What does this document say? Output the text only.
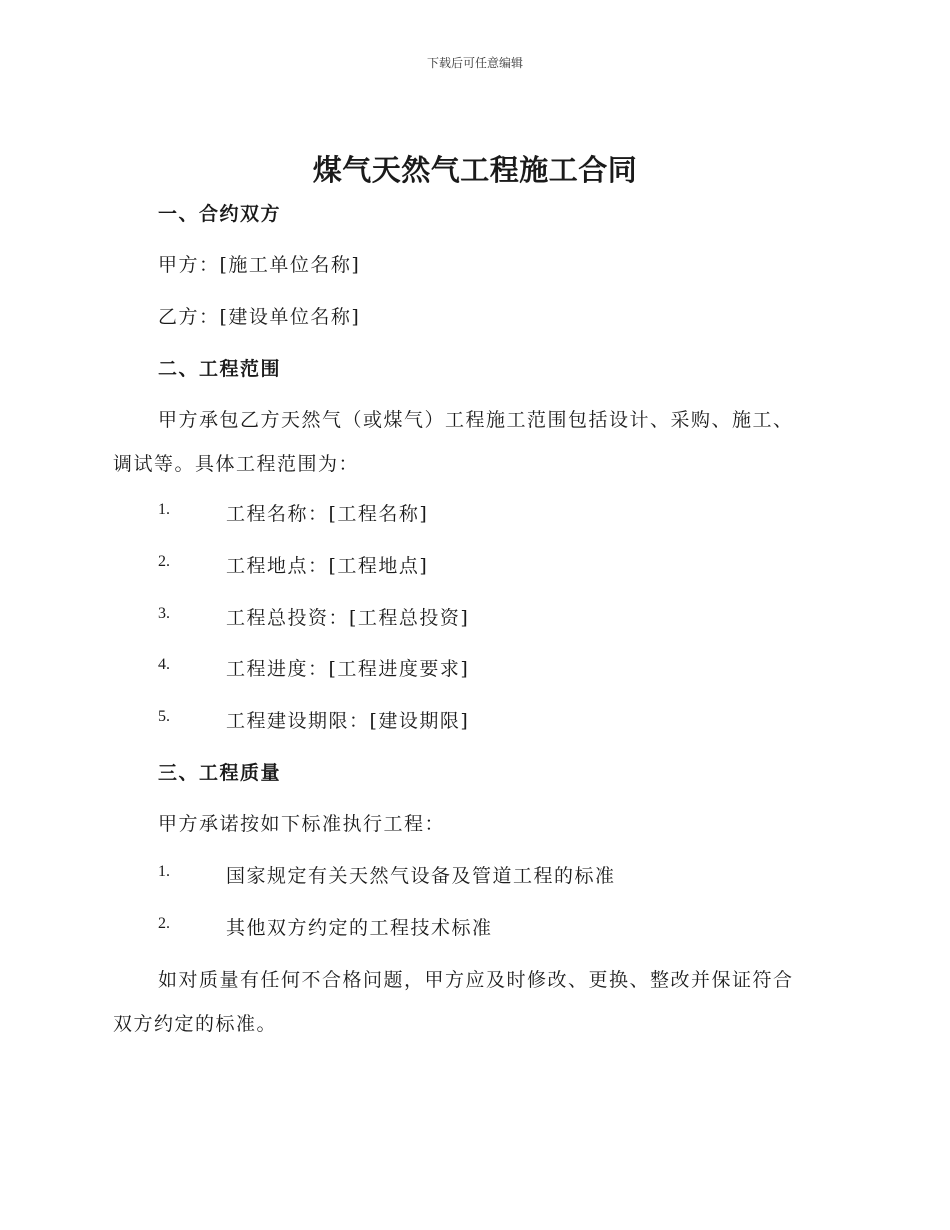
下载后可任意编辑
煤气天然气工程施工合同
一、合约双方
甲方：[施工单位名称]
乙方：[建设单位名称]
二、工程范围
甲方承包乙方天然气（或煤气）工程施工范围包括设计、采购、施工、
调试等。具体工程范围为：
1.	工程名称：[工程名称]
2.	工程地点：[工程地点]
3.	工程总投资：[工程总投资]
4.	工程进度：[工程进度要求]
5.	工程建设期限：[建设期限]
三、工程质量
甲方承诺按如下标准执行工程：
1.	国家规定有关天然气设备及管道工程的标准
2.	其他双方约定的工程技术标准
如对质量有任何不合格问题，甲方应及时修改、更换、整改并保证符合
双方约定的标准。
